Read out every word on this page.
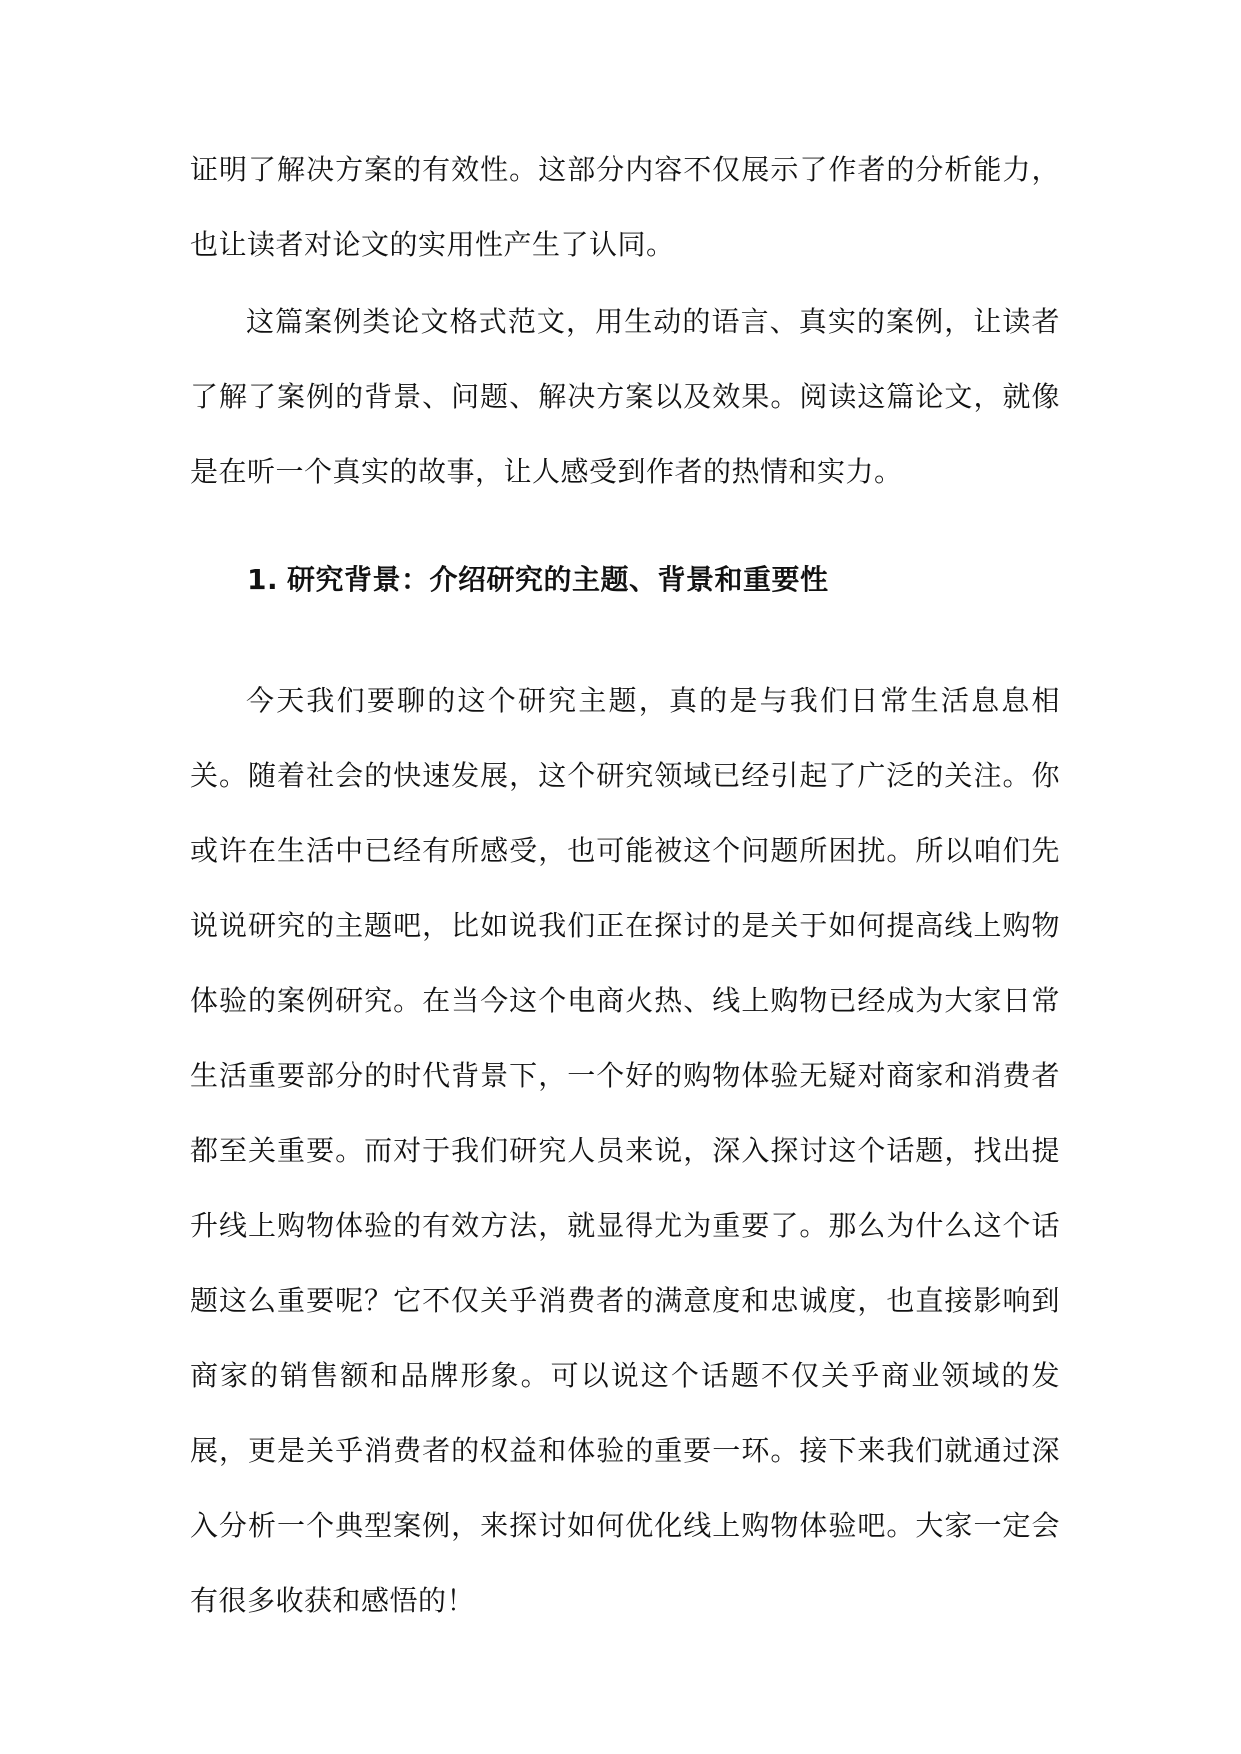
证明了解决方案的有效性。这部分内容不仅展示了作者的分析能力，也让读者对论文的实用性产生了认同。

这篇案例类论文格式范文，用生动的语言、真实的案例，让读者了解了案例的背景、问题、解决方案以及效果。阅读这篇论文，就像是在听一个真实的故事，让人感受到作者的热情和实力。

1. 研究背景：介绍研究的主题、背景和重要性

今天我们要聊的这个研究主题，真的是与我们日常生活息息相关。随着社会的快速发展，这个研究领域已经引起了广泛的关注。你或许在生活中已经有所感受，也可能被这个问题所困扰。所以咱们先说说研究的主题吧，比如说我们正在探讨的是关于如何提高线上购物体验的案例研究。在当今这个电商火热、线上购物已经成为大家日常生活重要部分的时代背景下，一个好的购物体验无疑对商家和消费者都至关重要。而对于我们研究人员来说，深入探讨这个话题，找出提升线上购物体验的有效方法，就显得尤为重要了。那么为什么这个话题这么重要呢？它不仅关乎消费者的满意度和忠诚度，也直接影响到商家的销售额和品牌形象。可以说这个话题不仅关乎商业领域的发展，更是关乎消费者的权益和体验的重要一环。接下来我们就通过深入分析一个典型案例，来探讨如何优化线上购物体验吧。大家一定会有很多收获和感悟的！
